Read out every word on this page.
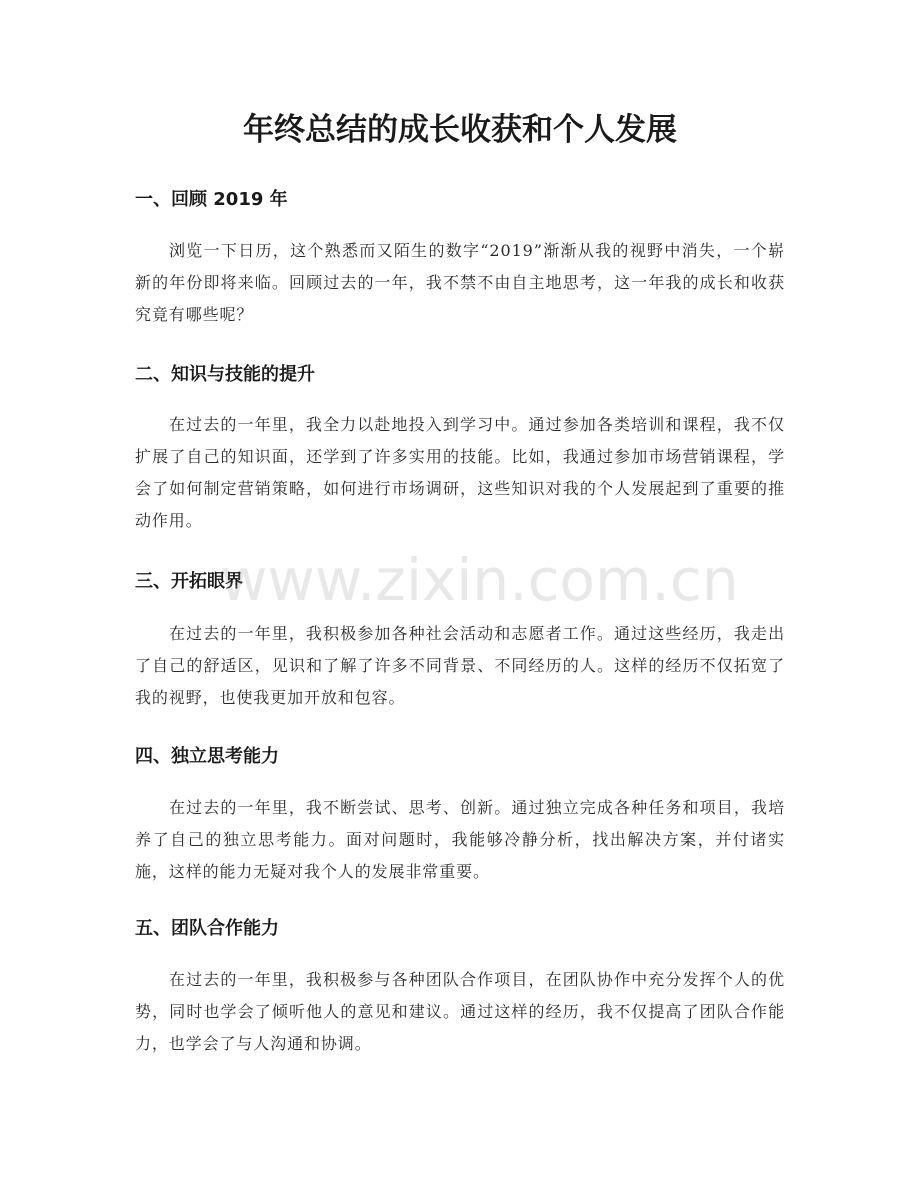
年终总结的成长收获和个人发展
一、回顾 2019 年

浏览一下日历，这个熟悉而又陌生的数字“2019”渐渐从我的视野中消失，一个崭新的年份即将来临。回顾过去的一年，我不禁不由自主地思考，这一年我的成长和收获究竟有哪些呢？

二、知识与技能的提升

在过去的一年里，我全力以赴地投入到学习中。通过参加各类培训和课程，我不仅扩展了自己的知识面，还学到了许多实用的技能。比如，我通过参加市场营销课程，学会了如何制定营销策略，如何进行市场调研，这些知识对我的个人发展起到了重要的推动作用。

三、开拓眼界

在过去的一年里，我积极参加各种社会活动和志愿者工作。通过这些经历，我走出了自己的舒适区，见识和了解了许多不同背景、不同经历的人。这样的经历不仅拓宽了我的视野，也使我更加开放和包容。

四、独立思考能力

在过去的一年里，我不断尝试、思考、创新。通过独立完成各种任务和项目，我培养了自己的独立思考能力。面对问题时，我能够冷静分析，找出解决方案，并付诸实施，这样的能力无疑对我个人的发展非常重要。

五、团队合作能力

在过去的一年里，我积极参与各种团队合作项目，在团队协作中充分发挥个人的优势，同时也学会了倾听他人的意见和建议。通过这样的经历，我不仅提高了团队合作能力，也学会了与人沟通和协调。

www.zixin.com.cn
